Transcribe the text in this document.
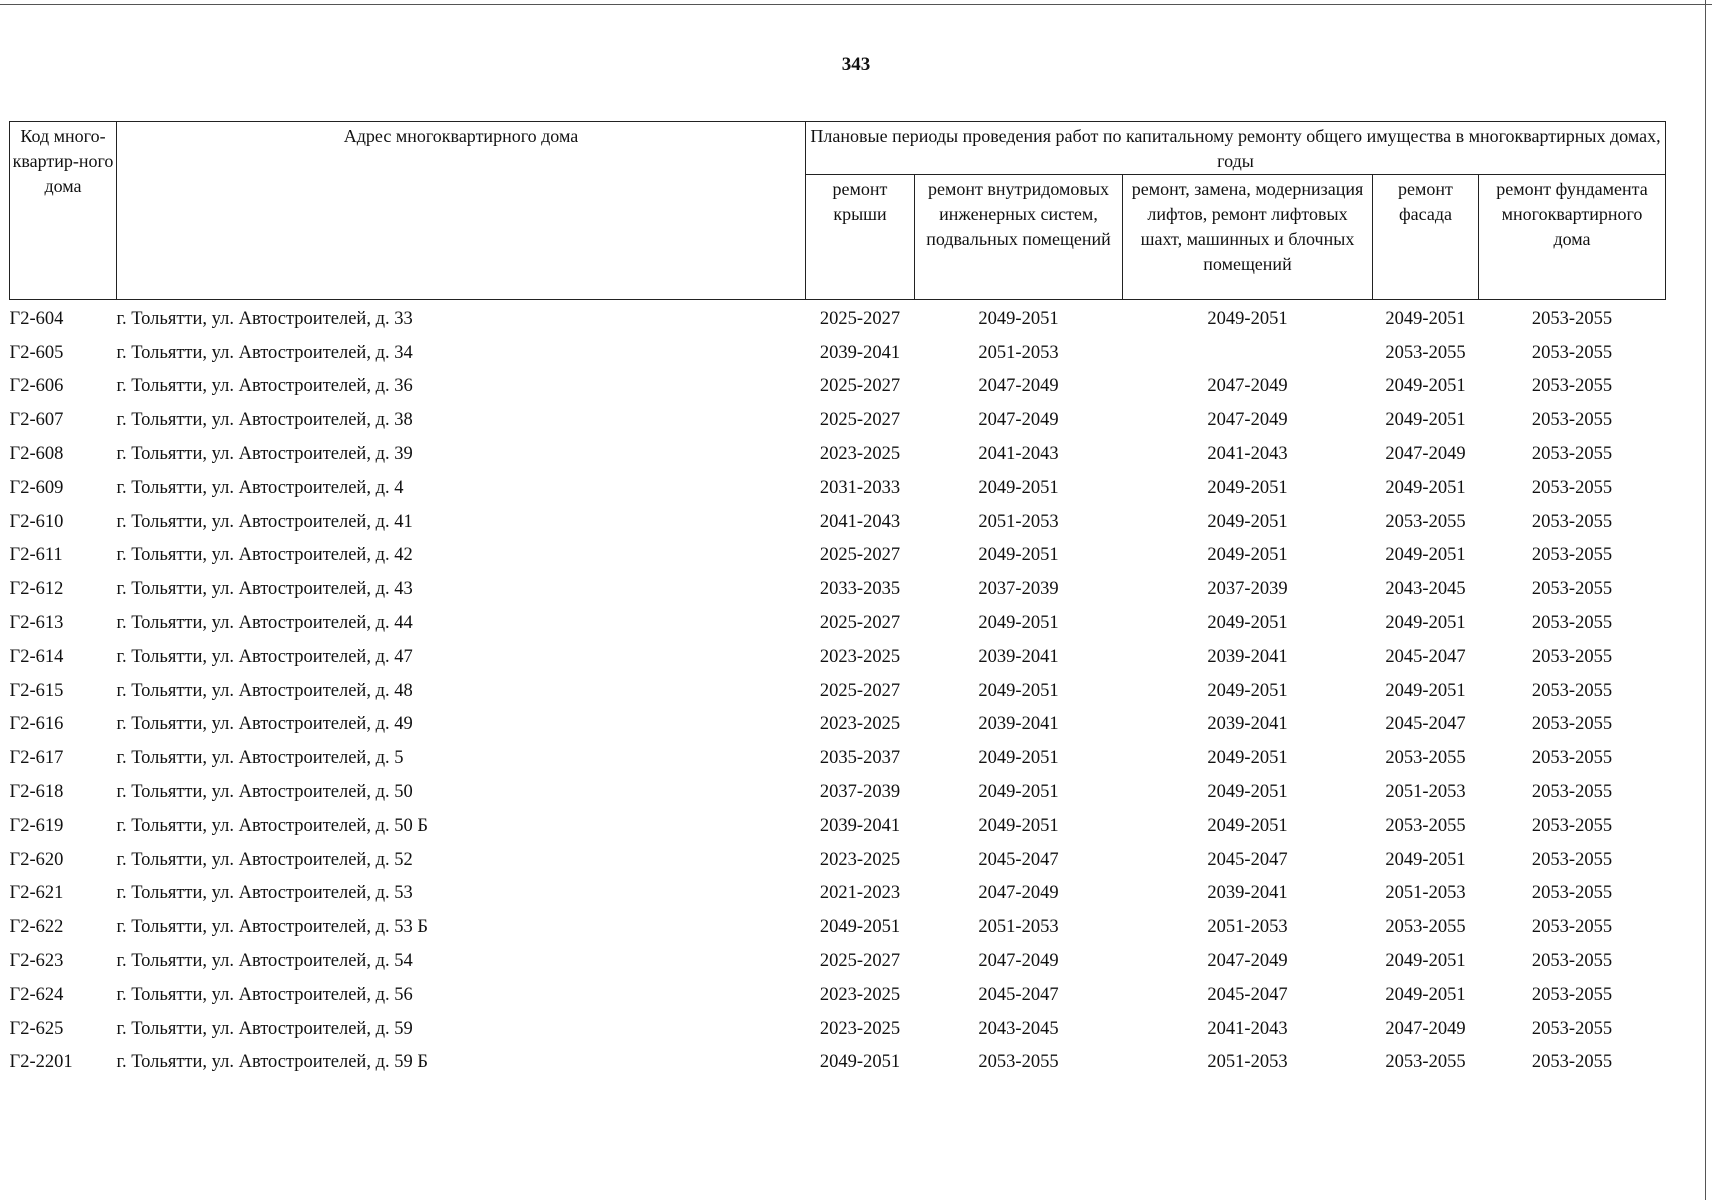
343
Код много-квартир-ного дома	Адрес многоквартирного дома	Плановые периоды проведения работ по капитальному ремонту общего имущества в многоквартирных домах, годы				
		ремонт крыши	ремонт внутридомовых инженерных систем, подвальных помещений	ремонт, замена, модернизация лифтов, ремонт лифтовых шахт, машинных и блочных помещений	ремонт фасада	ремонт фундамента многоквартирного дома
Г2-604	г. Тольятти, ул. Автостроителей, д. 33	2025-2027	2049-2051	2049-2051	2049-2051	2053-2055
Г2-605	г. Тольятти, ул. Автостроителей, д. 34	2039-2041	2051-2053		2053-2055	2053-2055
Г2-606	г. Тольятти, ул. Автостроителей, д. 36	2025-2027	2047-2049	2047-2049	2049-2051	2053-2055
Г2-607	г. Тольятти, ул. Автостроителей, д. 38	2025-2027	2047-2049	2047-2049	2049-2051	2053-2055
Г2-608	г. Тольятти, ул. Автостроителей, д. 39	2023-2025	2041-2043	2041-2043	2047-2049	2053-2055
Г2-609	г. Тольятти, ул. Автостроителей, д. 4	2031-2033	2049-2051	2049-2051	2049-2051	2053-2055
Г2-610	г. Тольятти, ул. Автостроителей, д. 41	2041-2043	2051-2053	2049-2051	2053-2055	2053-2055
Г2-611	г. Тольятти, ул. Автостроителей, д. 42	2025-2027	2049-2051	2049-2051	2049-2051	2053-2055
Г2-612	г. Тольятти, ул. Автостроителей, д. 43	2033-2035	2037-2039	2037-2039	2043-2045	2053-2055
Г2-613	г. Тольятти, ул. Автостроителей, д. 44	2025-2027	2049-2051	2049-2051	2049-2051	2053-2055
Г2-614	г. Тольятти, ул. Автостроителей, д. 47	2023-2025	2039-2041	2039-2041	2045-2047	2053-2055
Г2-615	г. Тольятти, ул. Автостроителей, д. 48	2025-2027	2049-2051	2049-2051	2049-2051	2053-2055
Г2-616	г. Тольятти, ул. Автостроителей, д. 49	2023-2025	2039-2041	2039-2041	2045-2047	2053-2055
Г2-617	г. Тольятти, ул. Автостроителей, д. 5	2035-2037	2049-2051	2049-2051	2053-2055	2053-2055
Г2-618	г. Тольятти, ул. Автостроителей, д. 50	2037-2039	2049-2051	2049-2051	2051-2053	2053-2055
Г2-619	г. Тольятти, ул. Автостроителей, д. 50 Б	2039-2041	2049-2051	2049-2051	2053-2055	2053-2055
Г2-620	г. Тольятти, ул. Автостроителей, д. 52	2023-2025	2045-2047	2045-2047	2049-2051	2053-2055
Г2-621	г. Тольятти, ул. Автостроителей, д. 53	2021-2023	2047-2049	2039-2041	2051-2053	2053-2055
Г2-622	г. Тольятти, ул. Автостроителей, д. 53 Б	2049-2051	2051-2053	2051-2053	2053-2055	2053-2055
Г2-623	г. Тольятти, ул. Автостроителей, д. 54	2025-2027	2047-2049	2047-2049	2049-2051	2053-2055
Г2-624	г. Тольятти, ул. Автостроителей, д. 56	2023-2025	2045-2047	2045-2047	2049-2051	2053-2055
Г2-625	г. Тольятти, ул. Автостроителей, д. 59	2023-2025	2043-2045	2041-2043	2047-2049	2053-2055
Г2-2201	г. Тольятти, ул. Автостроителей, д. 59 Б	2049-2051	2053-2055	2051-2053	2053-2055	2053-2055
